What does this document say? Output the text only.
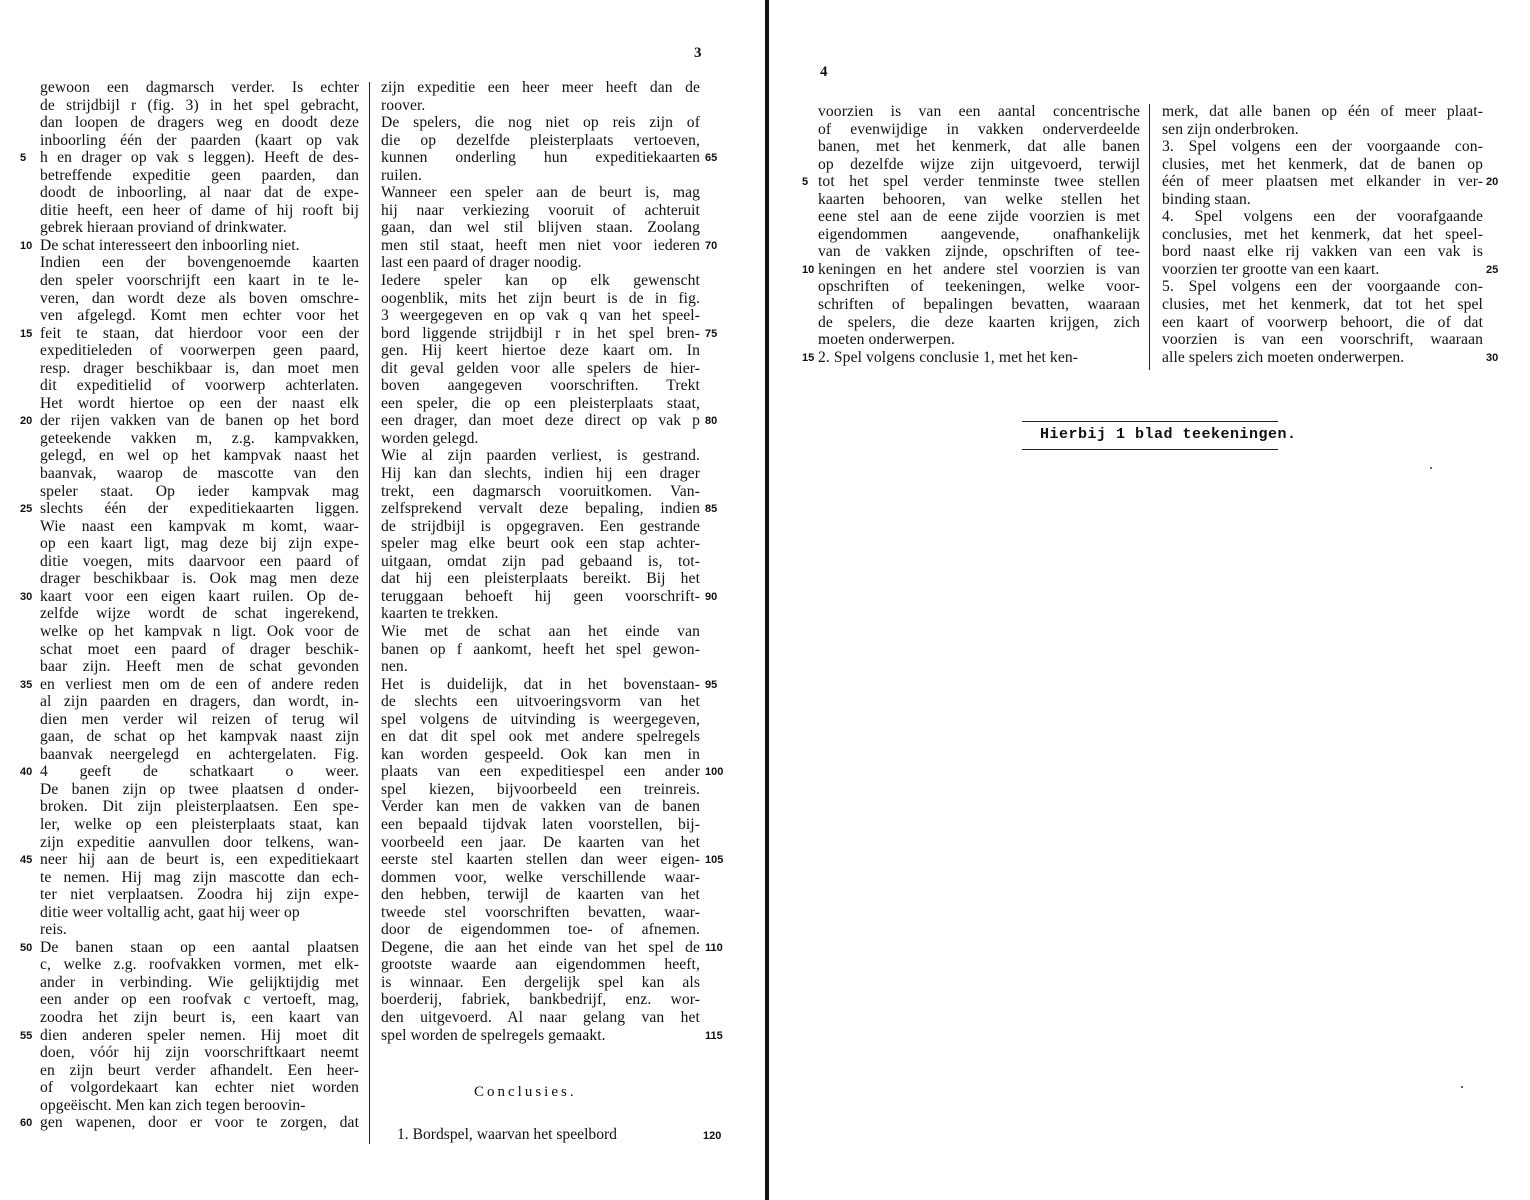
3
gewoon een dagmarsch verder. Is echter
de strijdbijl r (fig. 3) in het spel gebracht,
dan loopen de dragers weg en doodt deze
inboorling één der paarden (kaart op vak
h en drager op vak s leggen). Heeft de des-
betreffende expeditie geen paarden, dan
doodt de inboorling, al naar dat de expe-
ditie heeft, een heer of dame of hij rooft bij
gebrek hieraan proviand of drinkwater.
De schat interesseert den inboorling niet.
Indien een der bovengenoemde kaarten
den speler voorschrijft een kaart in te le-
veren, dan wordt deze als boven omschre-
ven afgelegd. Komt men echter voor het
feit te staan, dat hierdoor voor een der
expeditieleden of voorwerpen geen paard,
resp. drager beschikbaar is, dan moet men
dit expeditielid of voorwerp achterlaten.
Het wordt hiertoe op een der naast elk
der rijen vakken van de banen op het bord
geteekende vakken m, z.g. kampvakken,
gelegd, en wel op het kampvak naast het
baanvak, waarop de mascotte van den
speler staat. Op ieder kampvak mag
slechts één der expeditiekaarten liggen.
Wie naast een kampvak m komt, waar-
op een kaart ligt, mag deze bij zijn expe-
ditie voegen, mits daarvoor een paard of
drager beschikbaar is. Ook mag men deze
kaart voor een eigen kaart ruilen. Op de-
zelfde wijze wordt de schat ingerekend,
welke op het kampvak n ligt. Ook voor de
schat moet een paard of drager beschik-
baar zijn. Heeft men de schat gevonden
en verliest men om de een of andere reden
al zijn paarden en dragers, dan wordt, in-
dien men verder wil reizen of terug wil
gaan, de schat op het kampvak naast zijn
baanvak neergelegd en achtergelaten. Fig.
4 geeft de schatkaart o weer.
De banen zijn op twee plaatsen d onder-
broken. Dit zijn pleisterplaatsen. Een spe-
ler, welke op een pleisterplaats staat, kan
zijn expeditie aanvullen door telkens, wan-
neer hij aan de beurt is, een expeditiekaart
te nemen. Hij mag zijn mascotte dan ech-
ter niet verplaatsen. Zoodra hij zijn expe-
ditie weer voltallig acht, gaat hij weer op
reis.
De banen staan op een aantal plaatsen
c, welke z.g. roofvakken vormen, met elk-
ander in verbinding. Wie gelijktijdig met
een ander op een roofvak c vertoeft, mag,
zoodra het zijn beurt is, een kaart van
dien anderen speler nemen. Hij moet dit
doen, vóór hij zijn voorschriftkaart neemt
en zijn beurt verder afhandelt. Een heer-
of volgordekaart kan echter niet worden
opgeëischt. Men kan zich tegen beroovin-
gen wapenen, door er voor te zorgen, dat
zijn expeditie een heer meer heeft dan de
roover.
De spelers, die nog niet op reis zijn of
die op dezelfde pleisterplaats vertoeven,
kunnen onderling hun expeditiekaarten
ruilen.
Wanneer een speler aan de beurt is, mag
hij naar verkiezing vooruit of achteruit
gaan, dan wel stil blijven staan. Zoolang
men stil staat, heeft men niet voor iederen
last een paard of drager noodig.
Iedere speler kan op elk gewenscht
oogenblik, mits het zijn beurt is de in fig.
3 weergegeven en op vak q van het speel-
bord liggende strijdbijl r in het spel bren-
gen. Hij keert hiertoe deze kaart om. In
dit geval gelden voor alle spelers de hier-
boven aangegeven voorschriften. Trekt
een speler, die op een pleisterplaats staat,
een drager, dan moet deze direct op vak p
worden gelegd.
Wie al zijn paarden verliest, is gestrand.
Hij kan dan slechts, indien hij een drager
trekt, een dagmarsch vooruitkomen. Van-
zelfsprekend vervalt deze bepaling, indien
de strijdbijl is opgegraven. Een gestrande
speler mag elke beurt ook een stap achter-
uitgaan, omdat zijn pad gebaand is, tot-
dat hij een pleisterplaats bereikt. Bij het
teruggaan behoeft hij geen voorschrift-
kaarten te trekken.
Wie met de schat aan het einde van
banen op f aankomt, heeft het spel gewon-
nen.
Het is duidelijk, dat in het bovenstaan-
de slechts een uitvoeringsvorm van het
spel volgens de uitvinding is weergegeven,
en dat dit spel ook met andere spelregels
kan worden gespeeld. Ook kan men in
plaats van een expeditiespel een ander
spel kiezen, bijvoorbeeld een treinreis.
Verder kan men de vakken van de banen
een bepaald tijdvak laten voorstellen, bij-
voorbeeld een jaar. De kaarten van het
eerste stel kaarten stellen dan weer eigen-
dommen voor, welke verschillende waar-
den hebben, terwijl de kaarten van het
tweede stel voorschriften bevatten, waar-
door de eigendommen toe- of afnemen.
Degene, die aan het einde van het spel de
grootste waarde aan eigendommen heeft,
is winnaar. Een dergelijk spel kan als
boerderij, fabriek, bankbedrijf, enz. wor-
den uitgevoerd. Al naar gelang van het
spel worden de spelregels gemaakt.
Conclusies.
1. Bordspel, waarvan het speelbord	120
5
10
15
20
25
30
35
40
45
50
55
60
65
70
75
80
85
90
95
100
105
110
115
4
voorzien is van een aantal concentrische
of evenwijdige in vakken onderverdeelde
banen, met het kenmerk, dat alle banen
op dezelfde wijze zijn uitgevoerd, terwijl
tot het spel verder tenminste twee stellen
kaarten behooren, van welke stellen het
eene stel aan de eene zijde voorzien is met
eigendommen aangevende, onafhankelijk
van de vakken zijnde, opschriften of tee-
keningen en het andere stel voorzien is van
opschriften of teekeningen, welke voor-
schriften of bepalingen bevatten, waaraan
de spelers, die deze kaarten krijgen, zich
moeten onderwerpen.
2. Spel volgens conclusie 1, met het ken-
merk, dat alle banen op één of meer plaat-
sen zijn onderbroken.
3. Spel volgens een der voorgaande con-
clusies, met het kenmerk, dat de banen op
één of meer plaatsen met elkander in ver-
binding staan.
4. Spel volgens een der voorafgaande
conclusies, met het kenmerk, dat het speel-
bord naast elke rij vakken van een vak is
voorzien ter grootte van een kaart.
5. Spel volgens een der voorgaande con-
clusies, met het kenmerk, dat tot het spel
een kaart of voorwerp behoort, die of dat
voorzien is van een voorschrift, waaraan
alle spelers zich moeten onderwerpen.
Hierbij 1 blad teekeningen.
5
10
15
20
25
30
